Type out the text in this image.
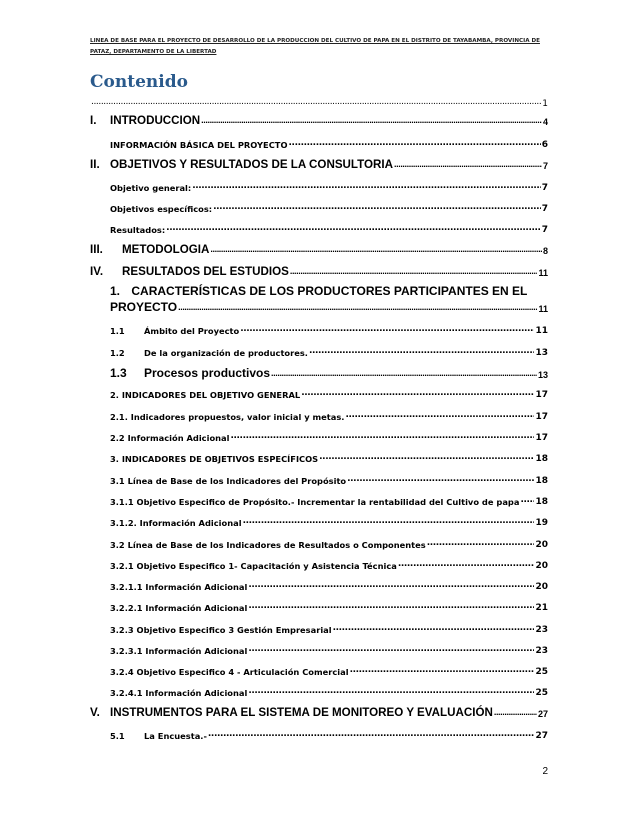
LINEA DE BASE PARA EL PROYECTO DE DESARROLLO DE LA PRODUCCION DEL CULTIVO DE PAPA EN EL DISTRITO DE TAYABAMBA, PROVINCIA DE PATAZ, DEPARTAMENTO DE LA LIBERTAD
Contenido
.....
1
I.	INTRODUCCION .....	4
INFORMACIÓN BÁSICA DEL PROYECTO .....	6
II. OBJETIVOS Y RESULTADOS DE LA CONSULTORIA .....	7
Objetivo general: .....	7
Objetivos específicos: .....	7
Resultados: .....	7
III.	METODOLOGIA .....	8
IV.	RESULTADOS DEL ESTUDIOS .....	11
1. CARACTERÍSTICAS DE LOS PRODUCTORES PARTICIPANTES EN EL
PROYECTO .....	11
1.1	Ámbito del Proyecto .....	11
1.2	De la organización de productores. .....	13
1.3	Procesos productivos .....	13
2. INDICADORES DEL OBJETIVO GENERAL .....	17
2.1. Indicadores propuestos, valor inicial y metas. .....	17
2.2 Información Adicional .....	17
3. INDICADORES DE OBJETIVOS ESPECÍFICOS .....	18
3.1 Línea de Base de los Indicadores del Propósito .....	18
3.1.1 Objetivo Especifico de Propósito.- Incrementar la rentabilidad del Cultivo de papa ..... 18
3.1.2. Información Adicional .....	19
3.2 Línea de Base de los Indicadores de Resultados o Componentes .....	20
3.2.1 Objetivo Especifico 1- Capacitación y Asistencia Técnica .....	20
3.2.1.1 Información Adicional .....	20
3.2.2.1 Información Adicional .....	21
3.2.3 Objetivo Especifico 3 Gestión Empresarial .....	23
3.2.3.1 Información Adicional .....	23
3.2.4 Objetivo Especifico 4 - Articulación Comercial .....	25
3.2.4.1 Información Adicional .....	25
V. INSTRUMENTOS PARA EL SISTEMA DE MONITOREO Y EVALUACIÓN .....	27
5.1	La Encuesta.- .....	27
2
